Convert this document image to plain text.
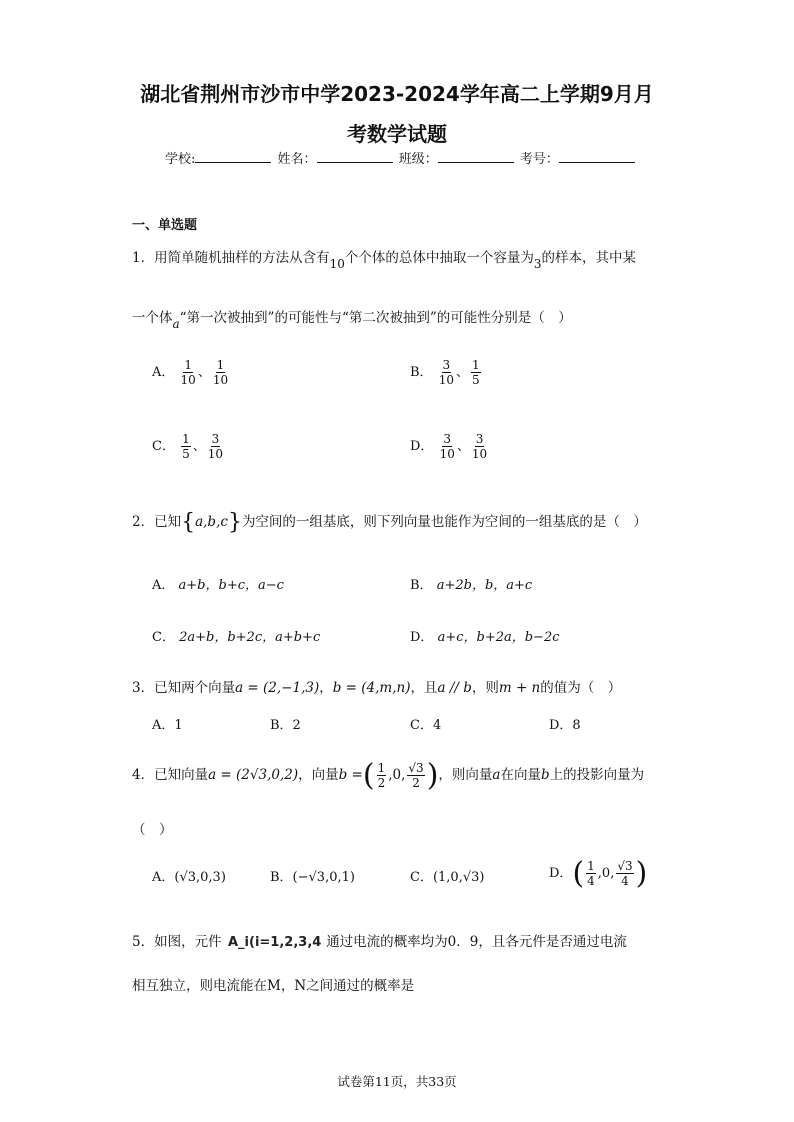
湖北省荆州市沙市中学2023-2024学年高二上学期9月月
考数学试题
学校:	姓名：	班级：	考号：
一、单选题
1．用简单随机抽样的方法从含有10个个体的总体中抽取一个容量为3的样本，其中某
一个体a“第一次被抽到”的可能性与“第二次被抽到”的可能性分别是（　）
A． $\frac{1}{10}$ 、 $\frac{1}{10}$	B． $\frac{3}{10}$ 、 $\frac{1}{5}$
C． $\frac{1}{5}$ 、 $\frac{3}{10}$	D． $\frac{3}{10}$ 、 $\frac{3}{10}$
2．已知{a,b,c}为空间的一组基底，则下列向量也能作为空间的一组基底的是（　）
A． a+b，b+c，a−c	B． a+2b，b，a+c
C． 2a+b，b+2c，a+b+c	D． a+c，b+2a，b−2c
3．已知两个向量a = (2,−1,3)，b = (4,m,n)，且a // b，则m + n的值为（　）
A．1	B．2	C．4	D．8
4．已知向量a = (2√3,0,2)，向量b =( $\frac{1}{2} ,0$, $\frac{√3}{2}$ )，则向量a在向量b上的投影向量为
（　）
A．(√3,0,3)	B．(−√3,0,1)	C．(1,0,√3)	D．( $\frac{1}{4} ,0$, $\frac{√3}{4}$ )
5．如图，元件 A_i(i=1,2,3,4) 通过电流的概率均为0．9，且各元件是否通过电流
相互独立，则电流能在M，N之间通过的概率是
试卷第11页，共33页
